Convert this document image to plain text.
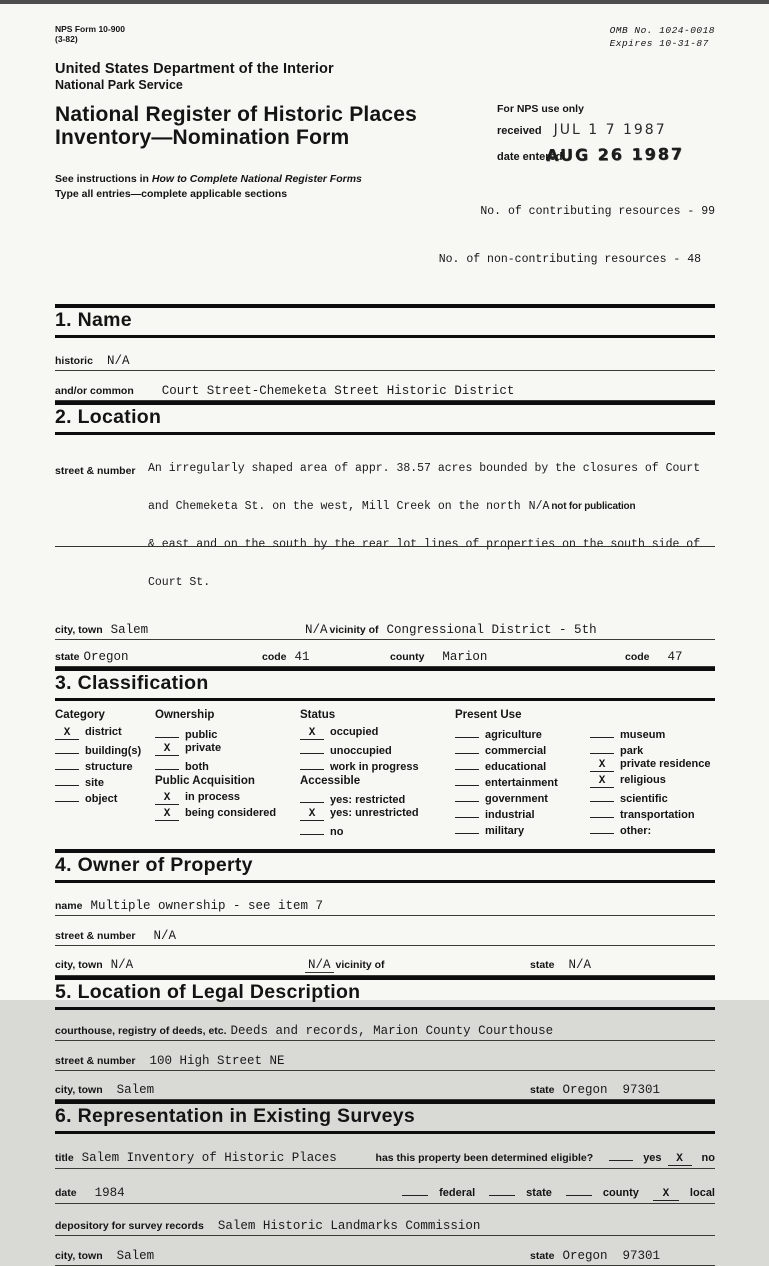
NPS Form 10-900
(3-82)
OMB No. 1024-0018
Expires 10-31-87
United States Department of the Interior
National Park Service
National Register of Historic Places
Inventory—Nomination Form
For NPS use only
received JUL 1 7 1987
date entered
AUG 26 1987
See instructions in How to Complete National Register Forms
Type all entries—complete applicable sections

No. of contributing resources - 99

No. of non-contributing resources - 48

1. Name
historic N/A
and/or common Court Street-Chemeketa Street Historic District
2. Location
street & number

	An irregularly shaped area of appr. 38.57 acres bounded by the closures of Court

and Chemeketa St. on the west, Mill Creek on the north N/A not for publication

& east and on the south by the rear lot lines of properties on the south side of

Court St.

city, town Salem	N/A vicinity of Congressional District - 5th
state Oregon	code 41	county Marion	code 47
3. Classification
Category
X	district
building(s)
structure
site
object
Ownership
public
X	private
both
Public Acquisition
X	in process
X	being considered
Status
X	occupied
unoccupied
work in progress
Accessible
yes: restricted
X	yes: unrestricted
no
Present Use
agriculture
commercial
educational
entertainment
government
industrial
military
museum
park
X	private residence
X	religious
scientific
transportation
other:
4. Owner of Property
name Multiple ownership - see item 7
street & number N/A
city, town N/A	N/A vicinity of	state N/A
5. Location of Legal Description
courthouse, registry of deeds, etc. Deeds and records, Marion County Courthouse
street & number 100 High Street NE
city, town Salem	state Oregon  97301
6. Representation in Existing Surveys
title Salem Inventory of Historic Places	has this property been determined eligible?	yes	X	no
date 1984	federal	state	county	X	local
depository for survey records Salem Historic Landmarks Commission
city, town Salem	state Oregon  97301
